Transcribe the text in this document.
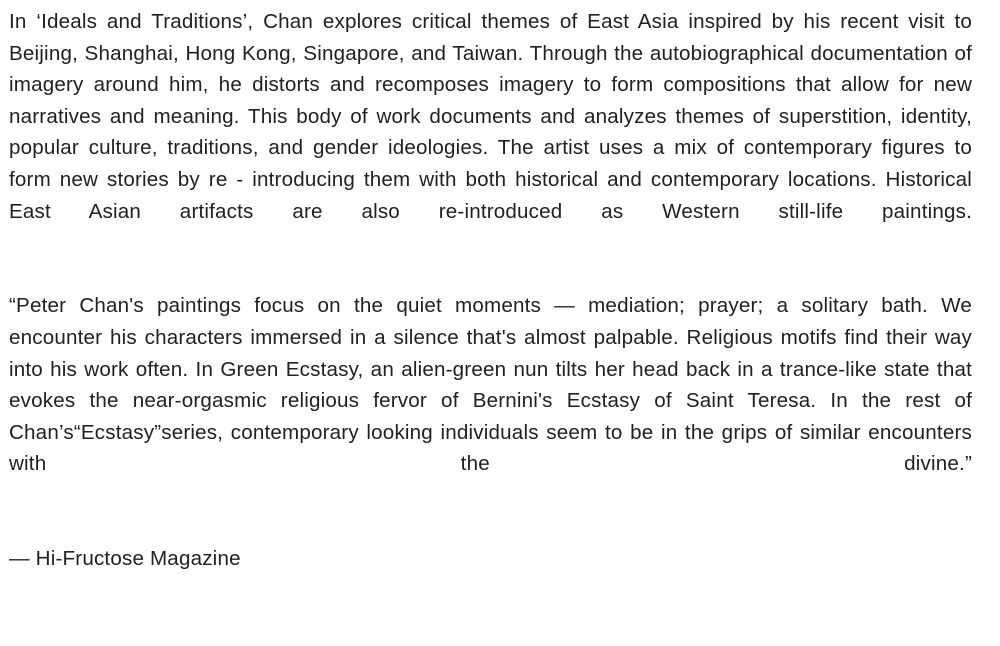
In ‘Ideals and Traditions’, Chan explores critical themes of East Asia inspired by his recent visit to Beijing, Shanghai, Hong Kong, Singapore, and Taiwan. Through the autobiographical documentation of imagery around him, he distorts and recomposes imagery to form compositions that allow for new narratives and meaning. This body of work documents and analyzes themes of superstition, identity, popular culture, traditions, and gender ideologies. The artist uses a mix of contemporary figures to form new stories by re - introducing them with both historical and contemporary locations. Historical East Asian artifacts are also re-introduced as Western still-life paintings.

“Peter Chan's paintings focus on the quiet moments — mediation; prayer; a solitary bath. We encounter his characters immersed in a silence that's almost palpable. Religious motifs find their way into his work often. In Green Ecstasy, an alien-green nun tilts her head back in a trance-like state that evokes the near-orgasmic religious fervor of Bernini's Ecstasy of Saint Teresa. In the rest of Chan’s“Ecstasy”series, contemporary looking individuals seem to be in the grips of similar encounters with the divine.”

— Hi-Fructose Magazine
